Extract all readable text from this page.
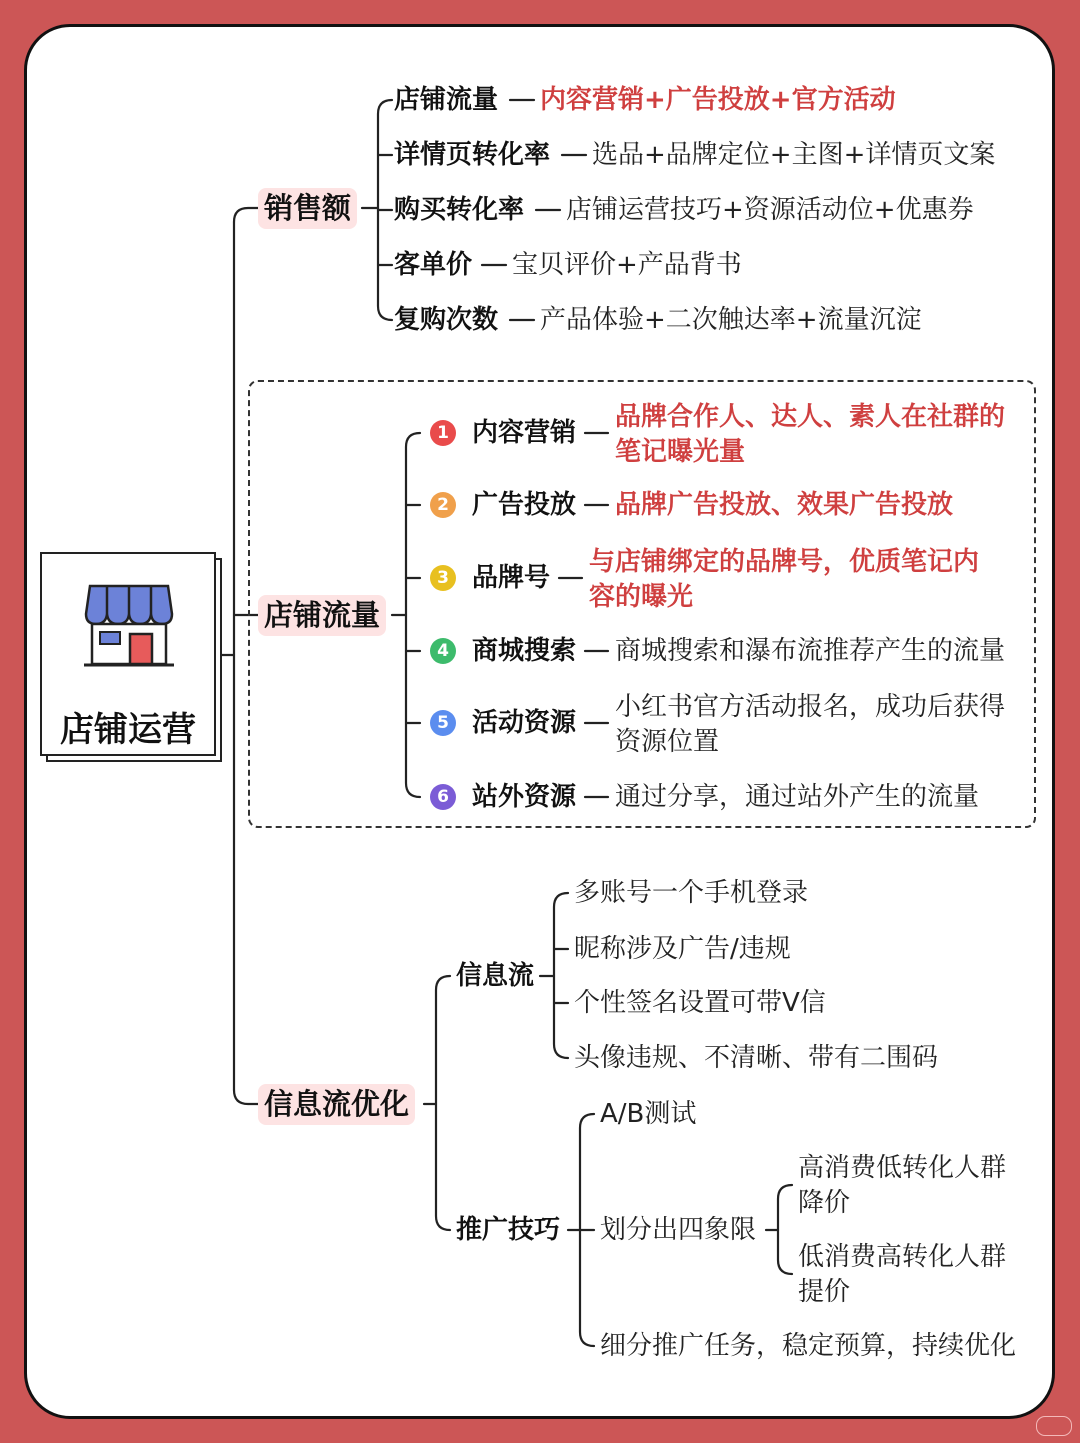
店铺运营
销售额
店铺流量
信息流优化
店铺流量 内容营销+广告投放+官方活动
详情页转化率 选品+品牌定位+主图+详情页文案
购买转化率 店铺运营技巧+资源活动位+优惠券
客单价 宝贝评价+产品背书
复购次数 产品体验+二次触达率+流量沉淀
1 内容营销
品牌合作人、达人、素人在社群的笔记曝光量
2 广告投放 品牌广告投放、效果广告投放
3 品牌号
与店铺绑定的品牌号，优质笔记内容的曝光
4 商城搜索 商城搜索和瀑布流推荐产生的流量
5 活动资源
小红书官方活动报名，成功后获得资源位置
6 站外资源 通过分享，通过站外产生的流量
信息流
多账号一个手机登录
昵称涉及广告/违规
个性签名设置可带V信
头像违规、不清晰、带有二围码
推广技巧
A/B测试
划分出四象限
高消费低转化人群降价
低消费高转化人群提价
细分推广任务，稳定预算，持续优化
